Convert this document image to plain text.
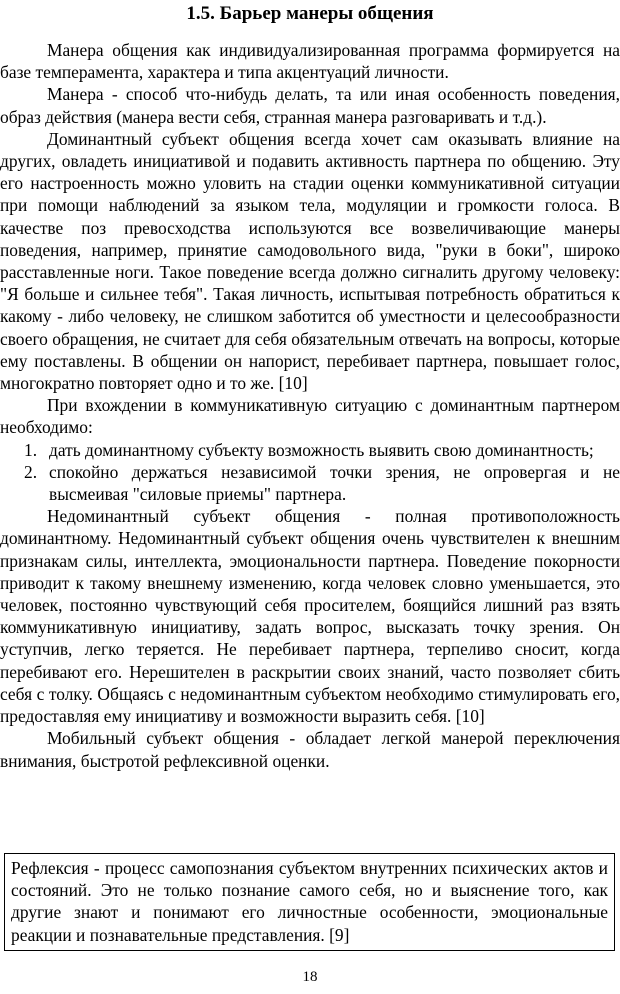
1.5. Барьер манеры общения

Манера общения как индивидуализированная программа формируется на базе темперамента, характера и типа акцентуаций личности.

Манера - способ что-нибудь делать, та или иная особенность поведения, образ действия (манера вести себя, странная манера разговаривать и т.д.).

Доминантный субъект общения всегда хочет сам оказывать влияние на других, овладеть инициативой и подавить активность партнера по общению. Эту его настроенность можно уловить на стадии оценки коммуникативной ситуации при помощи наблюдений за языком тела, модуляции и громкости голоса. В качестве поз превосходства используются все возвеличивающие манеры поведения, например, принятие самодовольного вида, "руки в боки", широко расставленные ноги. Такое поведение всегда должно сигналить другому человеку: "Я больше и сильнее тебя". Такая личность, испытывая потребность обратиться к какому - либо человеку, не слишком заботится об уместности и целесообразности своего обращения, не считает для себя обязательным отвечать на вопросы, которые ему поставлены. В общении он напорист, перебивает партнера, повышает голос, многократно повторяет одно и то же. [10]

При вхождении в коммуникативную ситуацию с доминантным партнером необходимо:

1. дать доминантному субъекту возможность выявить свою доминантность;
2. спокойно держаться независимой точки зрения, не опровергая и не высмеивая "силовые приемы" партнера.

Недоминантный субъект общения - полная противоположность доминантному. Недоминантный субъект общения очень чувствителен к внешним признакам силы, интеллекта, эмоциональности партнера. Поведение покорности приводит к такому внешнему изменению, когда человек словно уменьшается, это человек, постоянно чувствующий себя просителем, боящийся лишний раз взять коммуникативную инициативу, задать вопрос, высказать точку зрения. Он уступчив, легко теряется. Не перебивает партнера, терпеливо сносит, когда перебивают его. Нерешителен в раскрытии своих знаний, часто позволяет сбить себя с толку. Общаясь с недоминантным субъектом необходимо стимулировать его, предоставляя ему инициативу и возможности выразить себя. [10]

Мобильный субъект общения - обладает легкой манерой переключения внимания, быстротой рефлексивной оценки.

Рефлексия - процесс самопознания субъектом внутренних психических актов и состояний. Это не только познание самого себя, но и выяснение того, как другие знают и понимают его личностные особенности, эмоциональные реакции и познавательные представления. [9]
18
